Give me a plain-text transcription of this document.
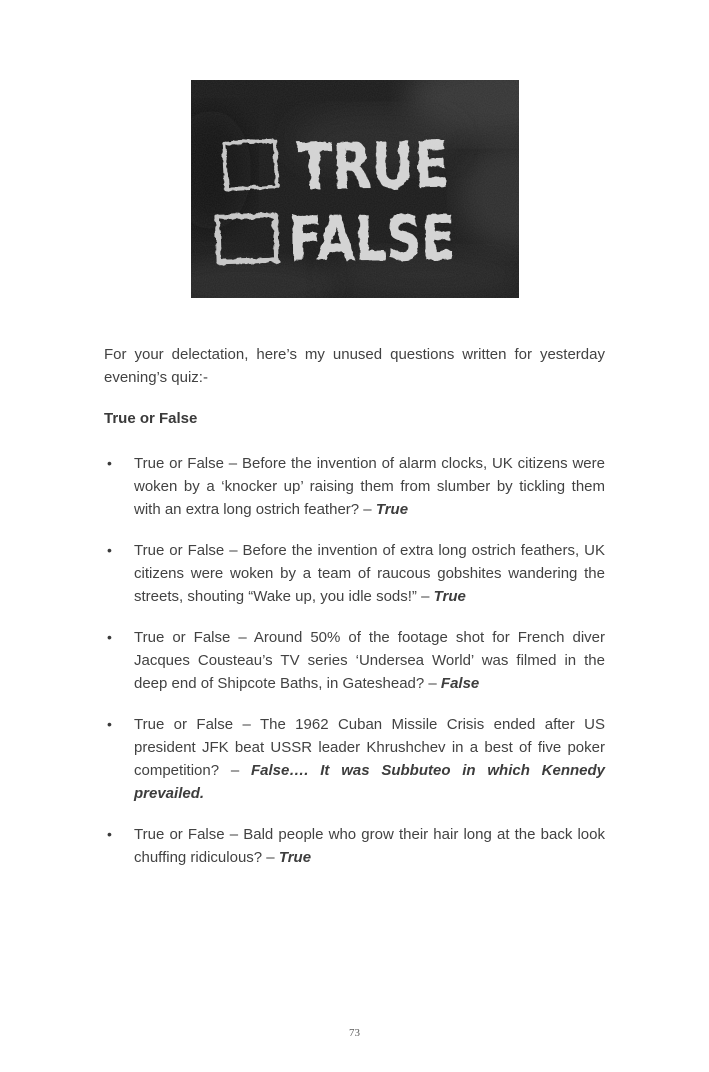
TRUE
FALSE

For your delectation, here’s my unused questions written for yesterday evening’s quiz:-

True or False
• True or False – Before the invention of alarm clocks, UK citizens were woken by a ‘knocker up’ raising them from slumber by tickling them with an extra long ostrich feather? – True
• True or False – Before the invention of extra long ostrich feathers, UK citizens were woken by a team of raucous gobshites wandering the streets, shouting “Wake up, you idle sods!” – True
• True or False – Around 50% of the footage shot for French diver Jacques Cousteau’s TV series ‘Undersea World’ was filmed in the deep end of Shipcote Baths, in Gateshead? – False
• True or False – The 1962 Cuban Missile Crisis ended after US president JFK beat USSR leader Khrushchev in a best of five poker competition? – False…. It was Subbuteo in which Kennedy prevailed.
• True or False – Bald people who grow their hair long at the back look chuffing ridiculous? – True
73
